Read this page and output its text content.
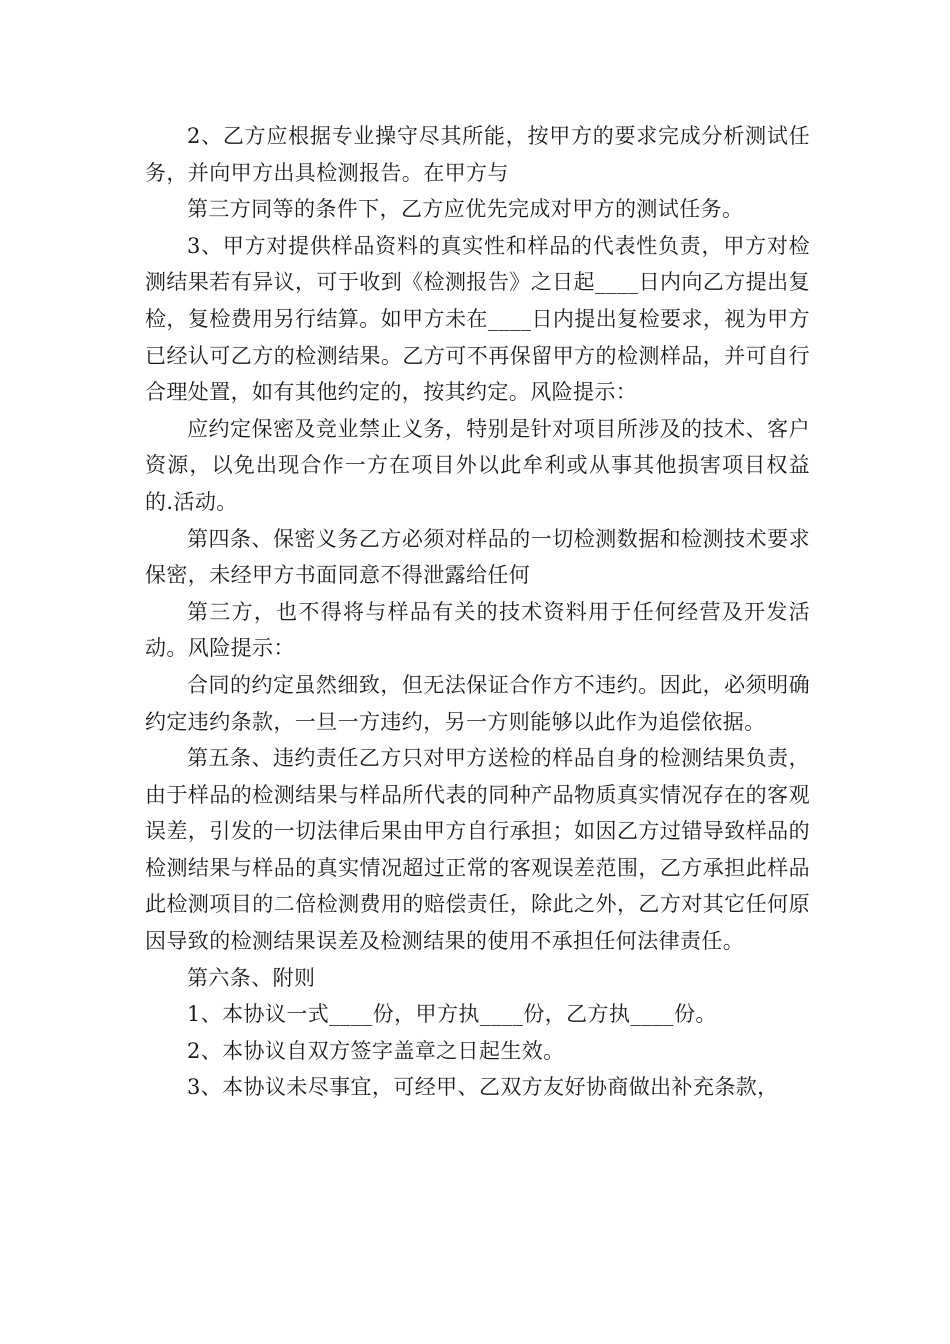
2、乙方应根据专业操守尽其所能，按甲方的要求完成分析测试任务，并向甲方出具检测报告。在甲方与

第三方同等的条件下，乙方应优先完成对甲方的测试任务。

3、甲方对提供样品资料的真实性和样品的代表性负责，甲方对检测结果若有异议，可于收到《检测报告》之日起____日内向乙方提出复检，复检费用另行结算。如甲方未在____日内提出复检要求，视为甲方已经认可乙方的检测结果。乙方可不再保留甲方的检测样品，并可自行合理处置，如有其他约定的，按其约定。风险提示：

应约定保密及竞业禁止义务，特别是针对项目所涉及的技术、客户资源，以免出现合作一方在项目外以此牟利或从事其他损害项目权益的.活动。

第四条、保密义务乙方必须对样品的一切检测数据和检测技术要求保密，未经甲方书面同意不得泄露给任何

第三方，也不得将与样品有关的技术资料用于任何经营及开发活动。风险提示：

合同的约定虽然细致，但无法保证合作方不违约。因此，必须明确约定违约条款，一旦一方违约，另一方则能够以此作为追偿依据。

第五条、违约责任乙方只对甲方送检的样品自身的检测结果负责，由于样品的检测结果与样品所代表的同种产品物质真实情况存在的客观误差，引发的一切法律后果由甲方自行承担；如因乙方过错导致样品的检测结果与样品的真实情况超过正常的客观误差范围，乙方承担此样品此检测项目的二倍检测费用的赔偿责任，除此之外，乙方对其它任何原因导致的检测结果误差及检测结果的使用不承担任何法律责任。

第六条、附则

1、本协议一式____份，甲方执____份，乙方执____份。

2、本协议自双方签字盖章之日起生效。

3、本协议未尽事宜，可经甲、乙双方友好协商做出补充条款，
